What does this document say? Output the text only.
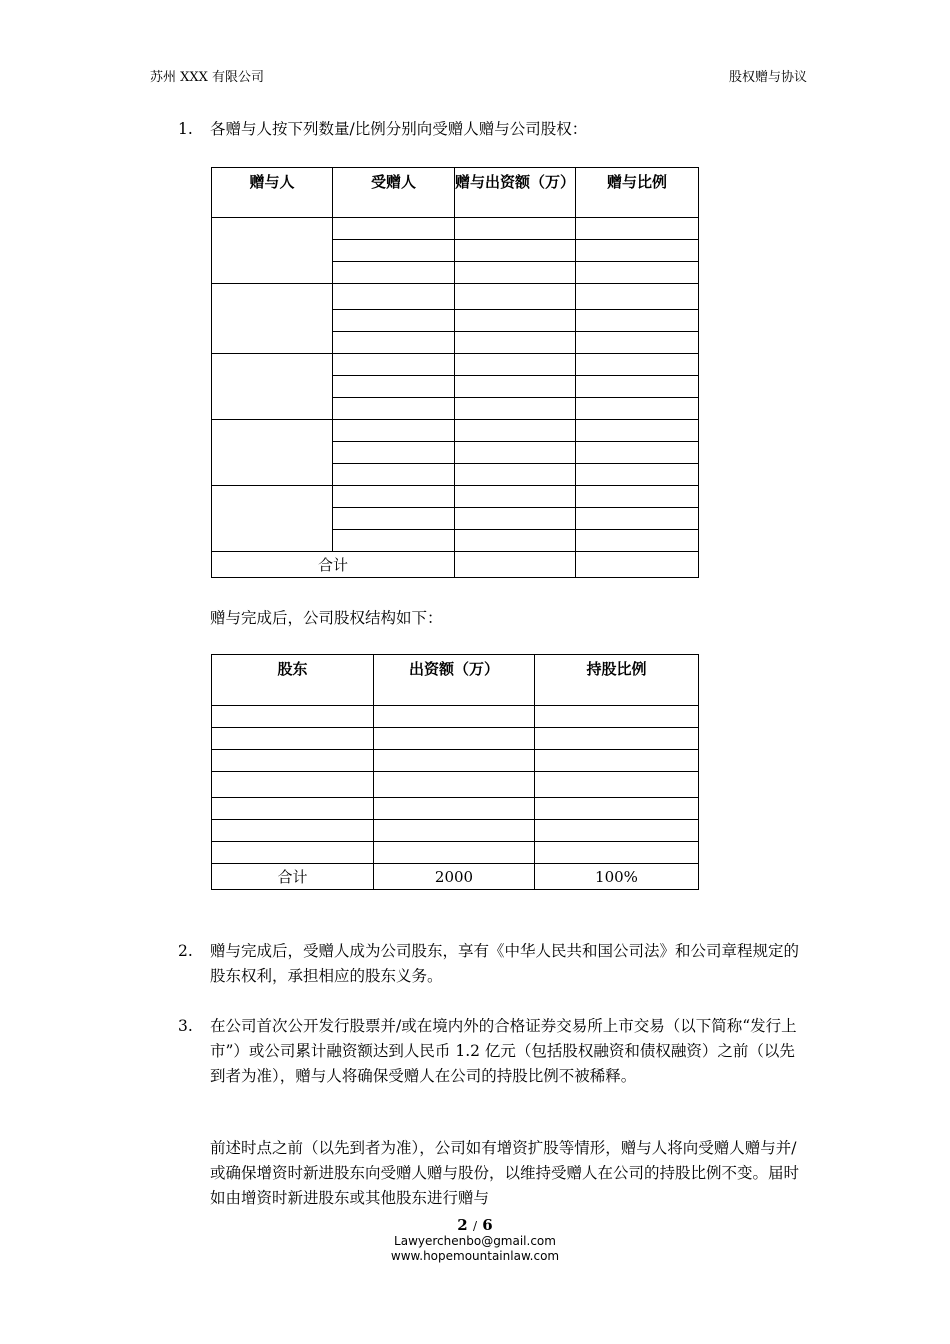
苏州 XXX 有限公司	股权赠与协议
1. 各赠与人按下列数量/比例分别向受赠人赠与公司股权：
赠与人	受赠人	赠与出资额（万）	赠与比例

合计			
赠与完成后，公司股权结构如下：
股东	出资额（万）	持股比例

合计	2000	100%
2. 赠与完成后，受赠人成为公司股东，享有《中华人民共和国公司法》和公司章程规定的股东权利，承担相应的股东义务。
3. 在公司首次公开发行股票并/或在境内外的合格证券交易所上市交易（以下简称“发行上市”）或公司累计融资额达到人民币 1.2 亿元（包括股权融资和债权融资）之前（以先到者为准），赠与人将确保受赠人在公司的持股比例不被稀释。
前述时点之前（以先到者为准），公司如有增资扩股等情形，赠与人将向受赠人赠与并/或确保增资时新进股东向受赠人赠与股份，以维持受赠人在公司的持股比例不变。届时如由增资时新进股东或其他股东进行赠与
2 / 6
Lawyerchenbo@gmail.com
www.hopemountainlaw.com
